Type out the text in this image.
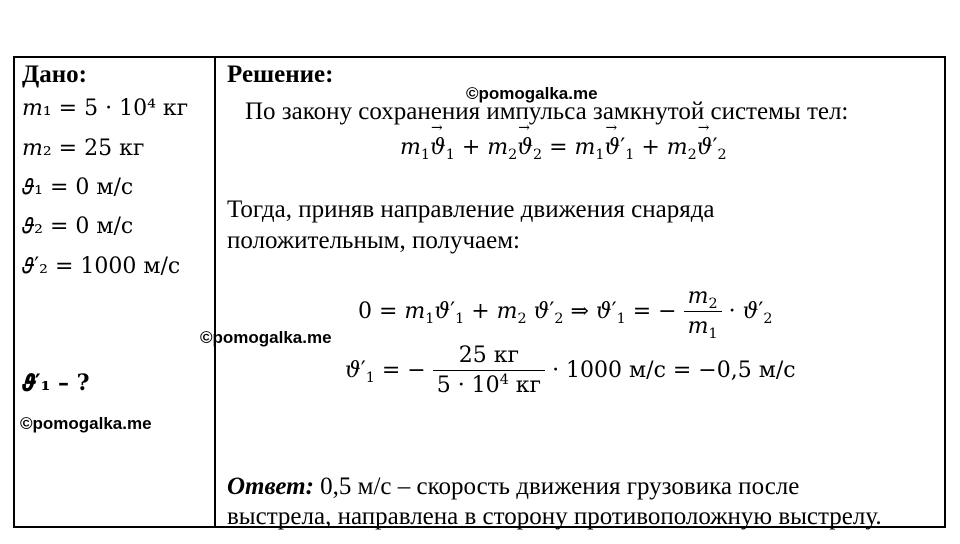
Дано:
𝑚₁ = 5 · 10⁴ кг
𝑚₂ = 25 кг
𝜗₁ = 0 м/с
𝜗₂ = 0 м/с
𝜗′₂ = 1000 м/с
𝝑′₁ – ?
©pomogalka.me
©pomogalka.me
©pomogalka.me
Решение:
По закону сохранения импульса замкнутой системы тел:
$m_1\to ϑ_1 + m_2\to ϑ_2 = m_1\to ϑ'_1 + m_2\to ϑ'_2$
Тогда, приняв направление движения снаряда
положительным, получаем:
$0 = m_1ϑ'_1 + m_2$ $ϑ'_2$ ⇒ $ϑ'_1$ = − $\frac{m_2}{m_1} \cdot ϑ'_2$
$ϑ'_1$ = − $\frac{25 кг}{5 \cdot 10^4 кг} \cdot 1000$ м/с = −0,5 м/с
Ответ: 0,5 м/с – скорость движения грузовика после
выстрела, направлена в сторону противоположную выстрелу.
